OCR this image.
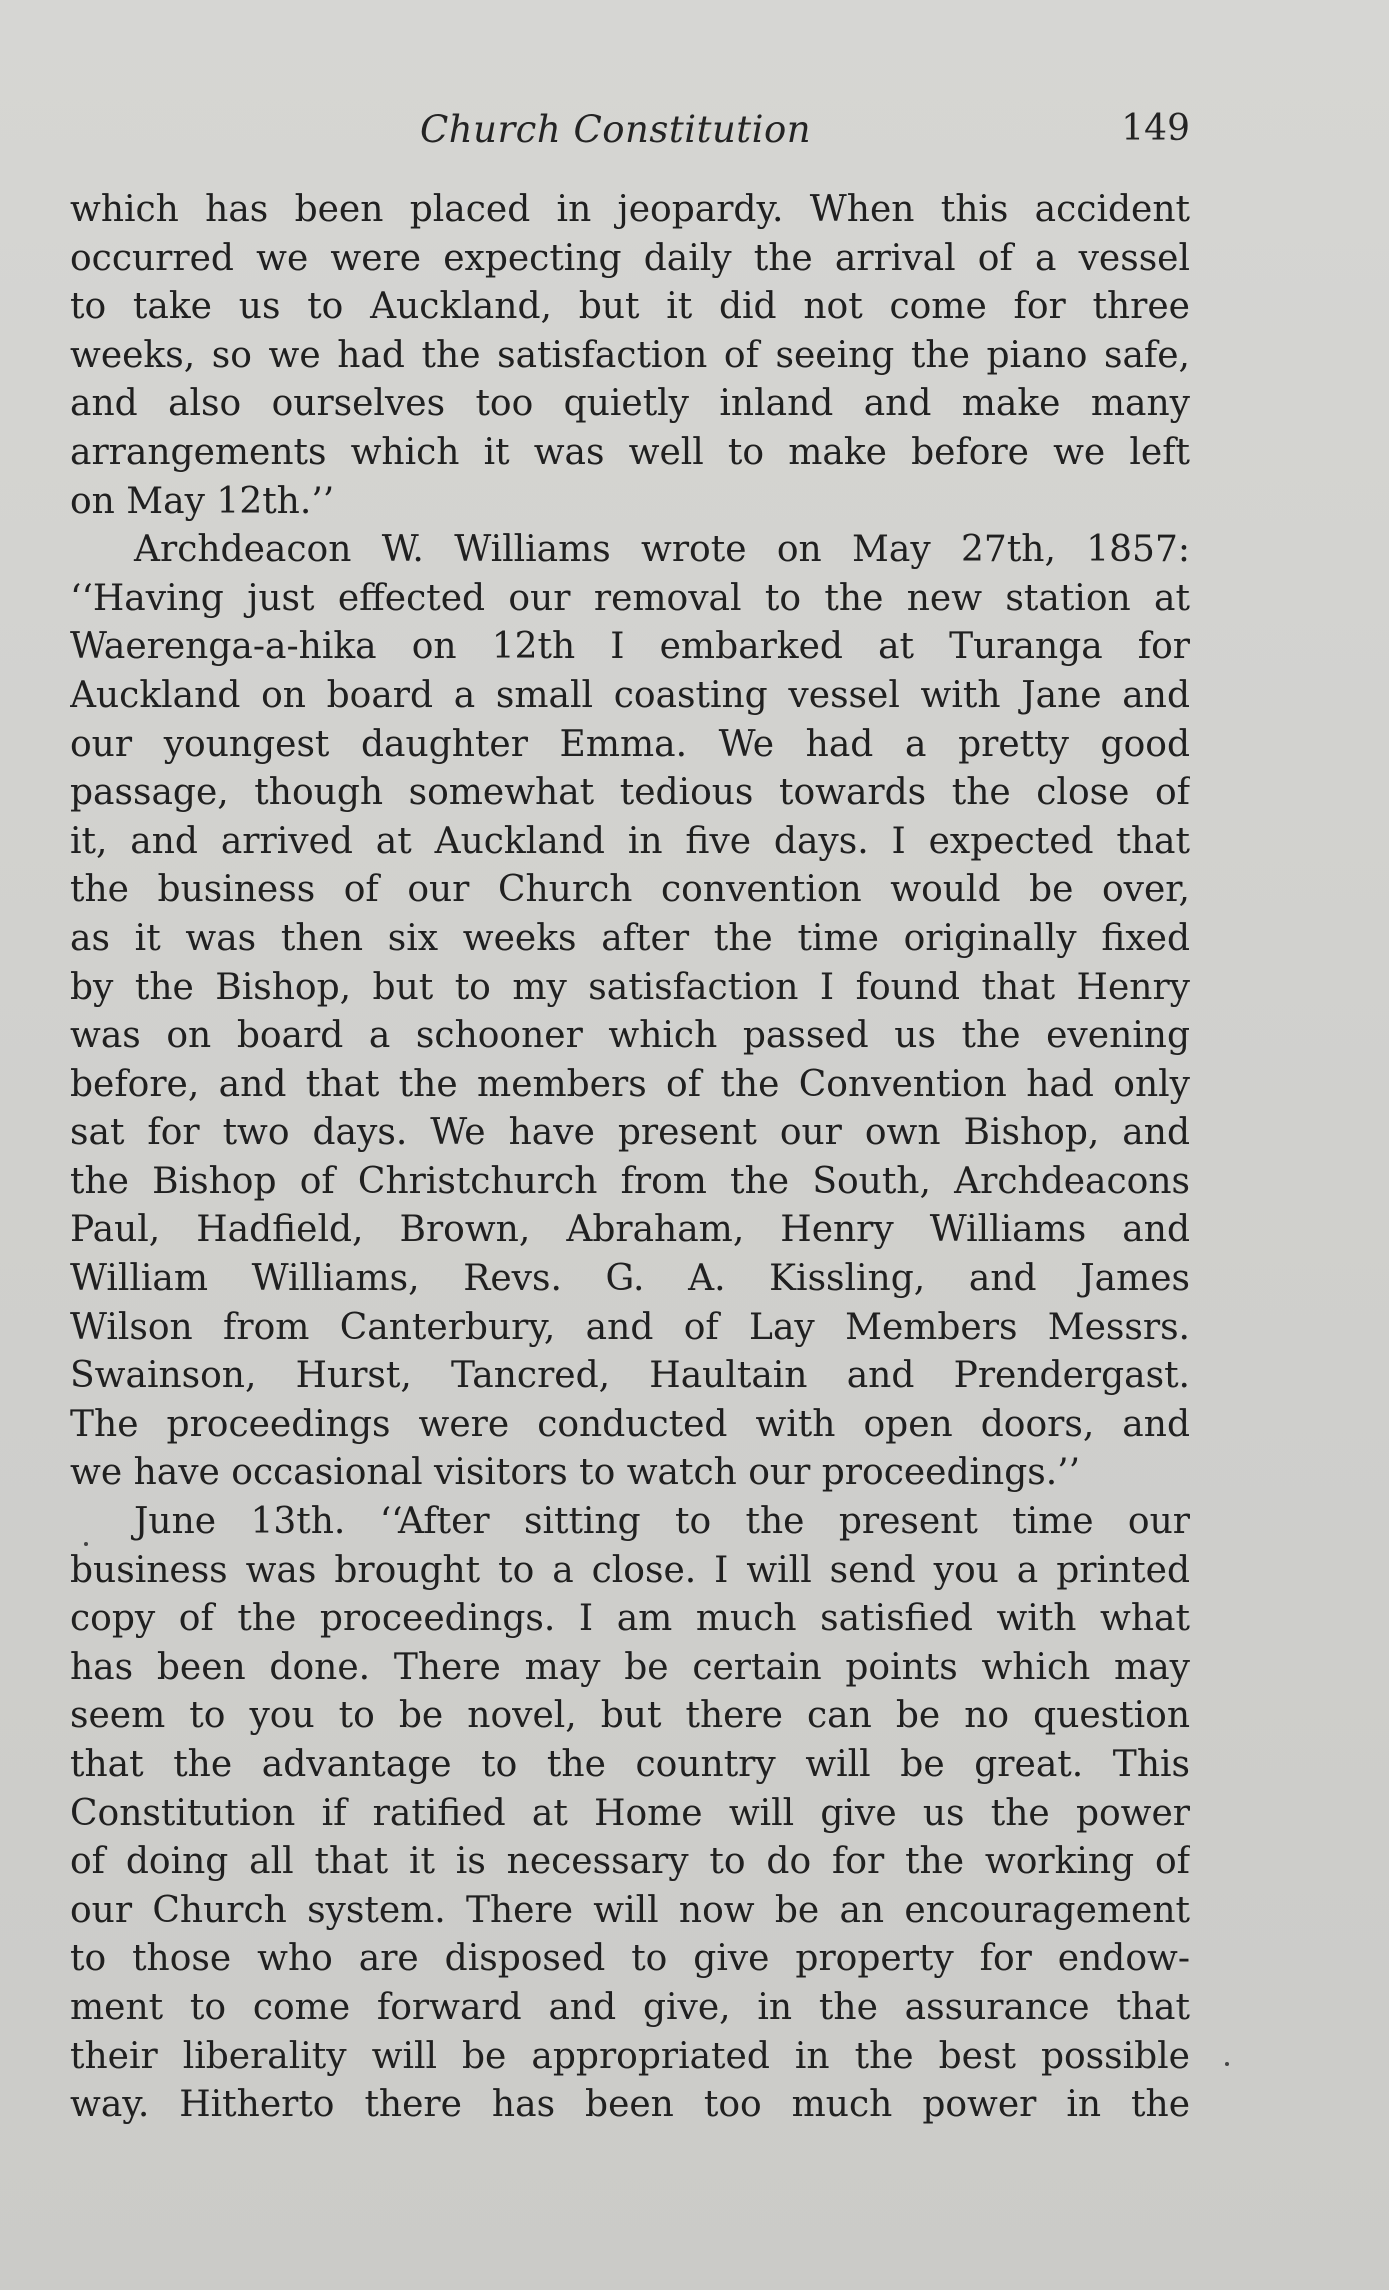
Church Constitution	149
which has been placed in jeopardy. When this accident
occurred we were expecting daily the arrival of a vessel
to take us to Auckland, but it did not come for three
weeks, so we had the satisfaction of seeing the piano safe,
and also ourselves too quietly inland and make many
arrangements which it was well to make before we left
on May 12th.’’
Archdeacon W. Williams wrote on May 27th, 1857:
‘‘Having just effected our removal to the new station at
Waerenga-a-hika on 12th I embarked at Turanga for
Auckland on board a small coasting vessel with Jane and
our youngest daughter Emma. We had a pretty good
passage, though somewhat tedious towards the close of
it, and arrived at Auckland in five days. I expected that
the business of our Church convention would be over,
as it was then six weeks after the time originally fixed
by the Bishop, but to my satisfaction I found that Henry
was on board a schooner which passed us the evening
before, and that the members of the Convention had only
sat for two days. We have present our own Bishop, and
the Bishop of Christchurch from the South, Archdeacons
Paul, Hadfield, Brown, Abraham, Henry Williams and
William Williams, Revs. G. A. Kissling, and James
Wilson from Canterbury, and of Lay Members Messrs.
Swainson, Hurst, Tancred, Haultain and Prendergast.
The proceedings were conducted with open doors, and
we have occasional visitors to watch our proceedings.’’
June 13th. ‘‘After sitting to the present time our
business was brought to a close. I will send you a printed
copy of the proceedings. I am much satisfied with what
has been done. There may be certain points which may
seem to you to be novel, but there can be no question
that the advantage to the country will be great. This
Constitution if ratified at Home will give us the power
of doing all that it is necessary to do for the working of
our Church system. There will now be an encouragement
to those who are disposed to give property for endow-
ment to come forward and give, in the assurance that
their liberality will be appropriated in the best possible
way. Hitherto there has been too much power in the
